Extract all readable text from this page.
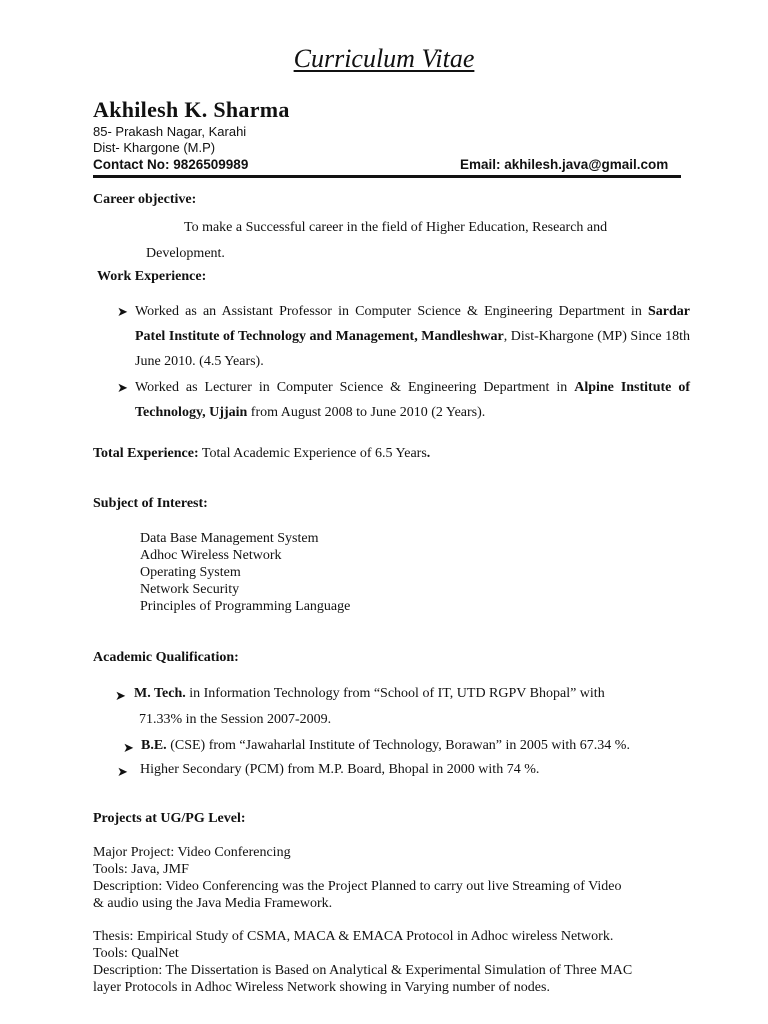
Curriculum Vitae
Akhilesh K. Sharma
85- Prakash Nagar, Karahi
Dist- Khargone (M.P)
Contact No: 9826509989	Email: akhilesh.java@gmail.com
Career objective:
To make a Successful career in the field of Higher Education, Research and
Development.
Work Experience:
➤ Worked as an Assistant Professor in Computer Science & Engineering Department in Sardar Patel Institute of Technology and Management, Mandleshwar, Dist-Khargone (MP) Since 18th June 2010. (4.5 Years).
➤ Worked as Lecturer in Computer Science & Engineering Department in Alpine Institute of Technology, Ujjain from August 2008 to June 2010 (2 Years).
Total Experience: Total Academic Experience of 6.5 Years.
Subject of Interest:
Data Base Management System
Adhoc Wireless Network
Operating System
Network Security
Principles of Programming Language
Academic Qualification:
➤ M. Tech. in Information Technology from “School of IT, UTD RGPV Bhopal” with
71.33% in the Session 2007-2009.
➤ B.E. (CSE) from “Jawaharlal Institute of Technology, Borawan” in 2005 with 67.34 %.
➤ Higher Secondary (PCM) from M.P. Board, Bhopal in 2000 with 74 %.
Projects at UG/PG Level:
Major Project: Video Conferencing
Tools: Java, JMF
Description: Video Conferencing was the Project Planned to carry out live Streaming of Video
& audio using the Java Media Framework.
Thesis: Empirical Study of CSMA, MACA & EMACA Protocol in Adhoc wireless Network.
Tools: QualNet
Description: The Dissertation is Based on Analytical & Experimental Simulation of Three MAC
layer Protocols in Adhoc Wireless Network showing in Varying number of nodes.
